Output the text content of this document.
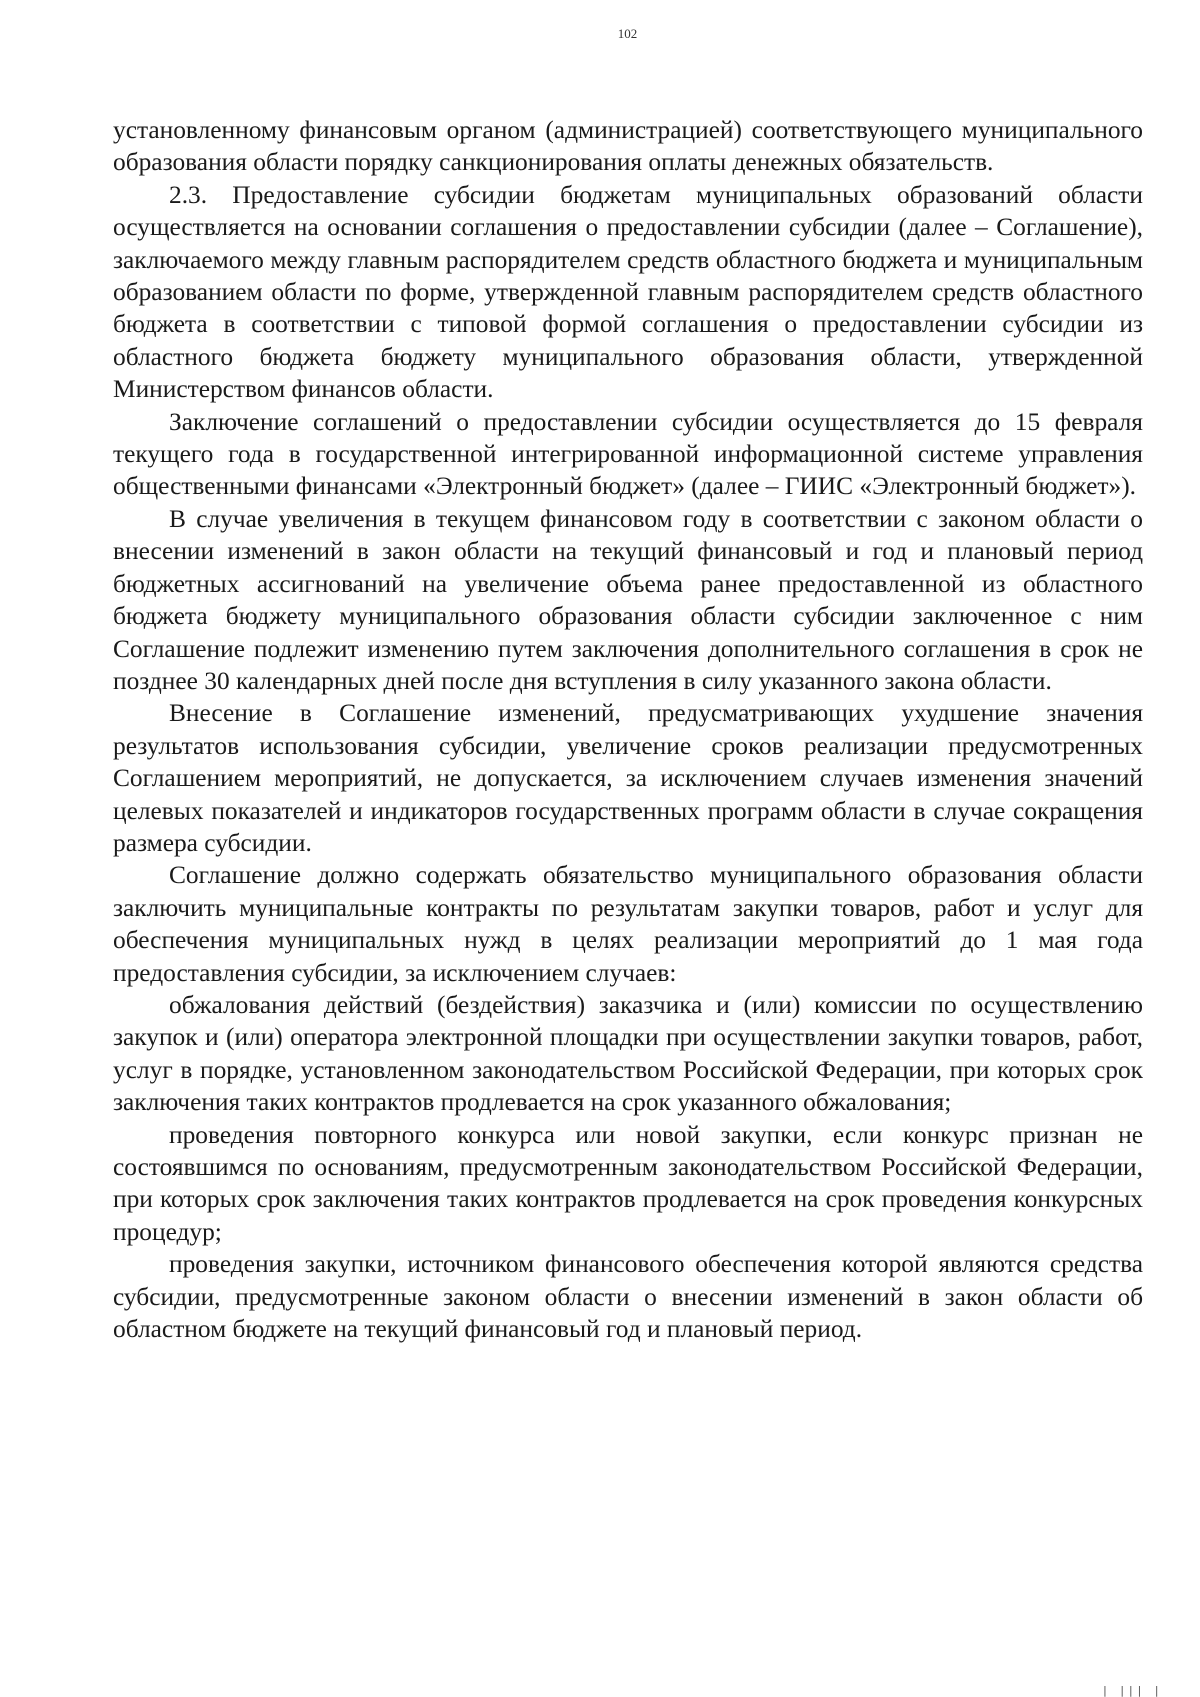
102

установленному финансовым органом (администрацией) соответствующего муниципального образования области порядку санкционирования оплаты денежных обязательств.

2.3. Предоставление субсидии бюджетам муниципальных образований области осуществляется на основании соглашения о предоставлении субсидии (далее – Соглашение), заключаемого между главным распорядителем средств областного бюджета и муниципальным образованием области по форме, утвержденной главным распорядителем средств областного бюджета в соответствии с типовой формой соглашения о предоставлении субсидии из областного бюджета бюджету муниципального образования области, утвержденной Министерством финансов области.

Заключение соглашений о предоставлении субсидии осуществляется до 15 февраля текущего года в государственной интегрированной информационной системе управления общественными финансами «Электронный бюджет» (далее – ГИИС «Электронный бюджет»).

В случае увеличения в текущем финансовом году в соответствии с законом области о внесении изменений в закон области на текущий финансовый и год и плановый период бюджетных ассигнований на увеличение объема ранее предоставленной из областного бюджета бюджету муниципального образования области субсидии заключенное с ним Соглашение подлежит изменению путем заключения дополнительного соглашения в срок не позднее 30 календарных дней после дня вступления в силу указанного закона области.

Внесение в Соглашение изменений, предусматривающих ухудшение значения результатов использования субсидии, увеличение сроков реализации предусмотренных Соглашением мероприятий, не допускается, за исключением случаев изменения значений целевых показателей и индикаторов государственных программ области в случае сокращения размера субсидии.

Соглашение должно содержать обязательство муниципального образования области заключить муниципальные контракты по результатам закупки товаров, работ и услуг для обеспечения муниципальных нужд в целях реализации мероприятий до 1 мая года предоставления субсидии, за исключением случаев:

обжалования действий (бездействия) заказчика и (или) комиссии по осуществлению закупок и (или) оператора электронной площадки при осуществлении закупки товаров, работ, услуг в порядке, установленном законодательством Российской Федерации, при которых срок заключения таких контрактов продлевается на срок указанного обжалования;

проведения повторного конкурса или новой закупки, если конкурс признан не состоявшимся по основаниям, предусмотренным законодательством Российской Федерации, при которых срок заключения таких контрактов продлевается на срок проведения конкурсных процедур;

проведения закупки, источником финансового обеспечения которой являются средства субсидии, предусмотренные законом области о внесении изменений в закон области об областном бюджете на текущий финансовый год и плановый период.

| ||| |
